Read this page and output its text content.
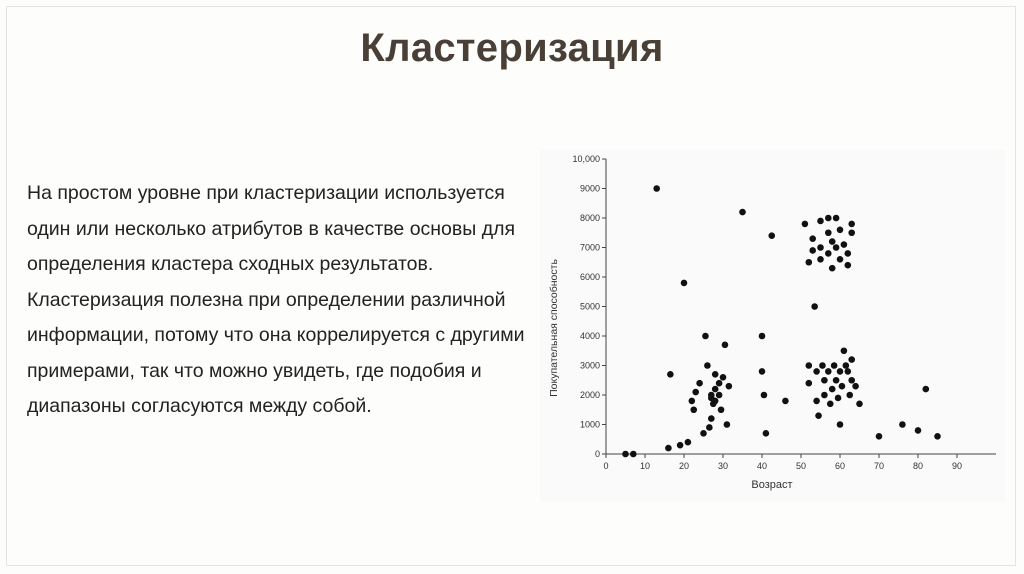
Кластеризация

На простом уровне при кластеризации используется один или несколько атрибутов в качестве основы для определения кластера сходных результатов.

Кластеризация полезна при определении различной информации, потому что она коррелируется с другими примерами, так что можно увидеть, где подобия и диапазоны согласуются между собой.

0	10	20	30	40	50	60	70	80	90
0
1000
2000
3000
4000
5000
6000
7000
8000
9000
10,000
Возраст
Покупательная способность
